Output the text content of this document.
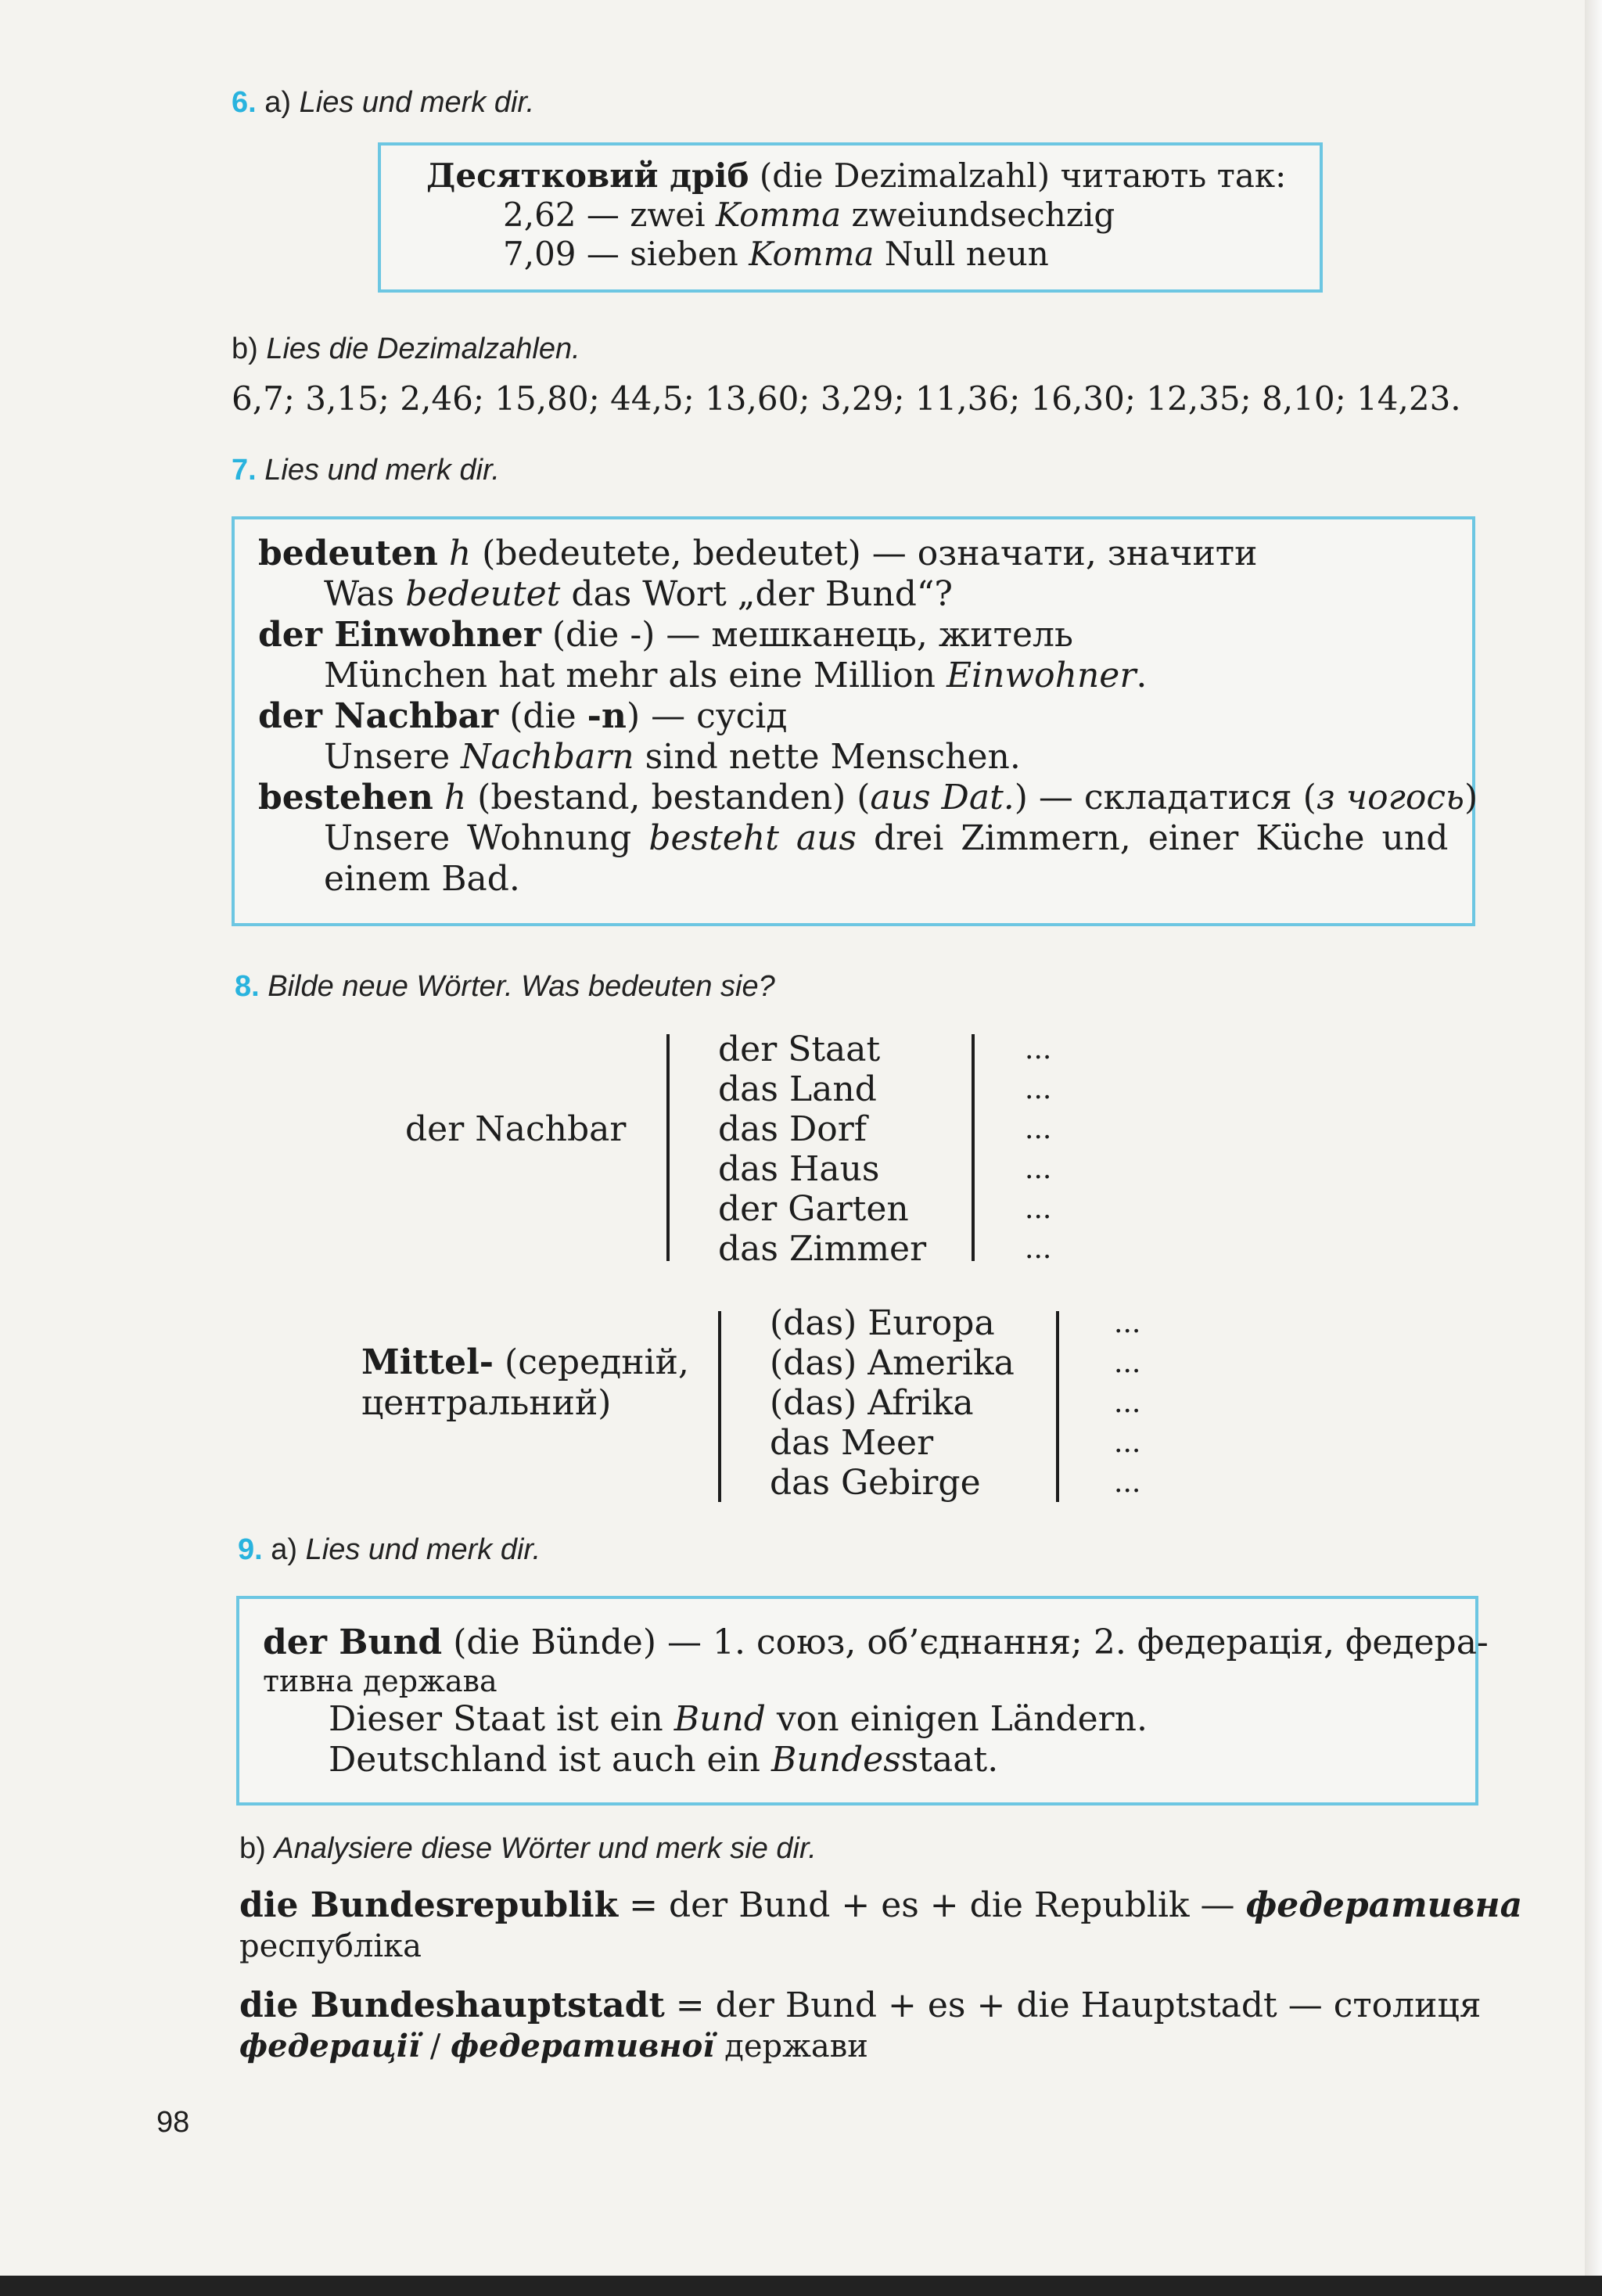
6. a) Lies und merk dir.
Десятковий дріб (die Dezimalzahl) читають так:
2,62 — zwei Komma zweiundsechzig
7,09 — sieben Komma Null neun
b) Lies die Dezimalzahlen.
6,7; 3,15; 2,46; 15,80; 44,5; 13,60; 3,29; 11,36; 16,30; 12,35; 8,10; 14,23.
7. Lies und merk dir.
bedeuten h (bedeutete, bedeutet) — означати, значити
Was bedeutet das Wort „der Bund“?
der Einwohner (die -) — мешканець, житель
München hat mehr als eine Million Einwohner.
der Nachbar (die -n) — сусід
Unsere Nachbarn sind nette Menschen.
bestehen h (bestand, bestanden) (aus Dat.) — складатися (з чогось)
Unsere Wohnung besteht aus drei Zimmern, einer Küche und
einem Bad.
8. Bilde neue Wörter. Was bedeuten sie?
der Nachbar
der Staat
das Land
das Dorf
das Haus
der Garten
das Zimmer
...
...
...
...
...
...
Mittel- (середній,
центральний)
(das) Europa
(das) Amerika
(das) Afrika
das Meer
das Gebirge
...
...
...
...
...
9. a) Lies und merk dir.
der Bund (die Bünde) — 1. союз, об’єднання; 2. федерація, федера-
тивна держава
Dieser Staat ist ein Bund von einigen Ländern.
Deutschland ist auch ein Bundesstaat.
b) Analysiere diese Wörter und merk sie dir.
die Bundesrepublik = der Bund + es + die Republik — федеративна
республіка
die Bundeshauptstadt = der Bund + es + die Hauptstadt — столиця
федерації / федеративної держави
98
